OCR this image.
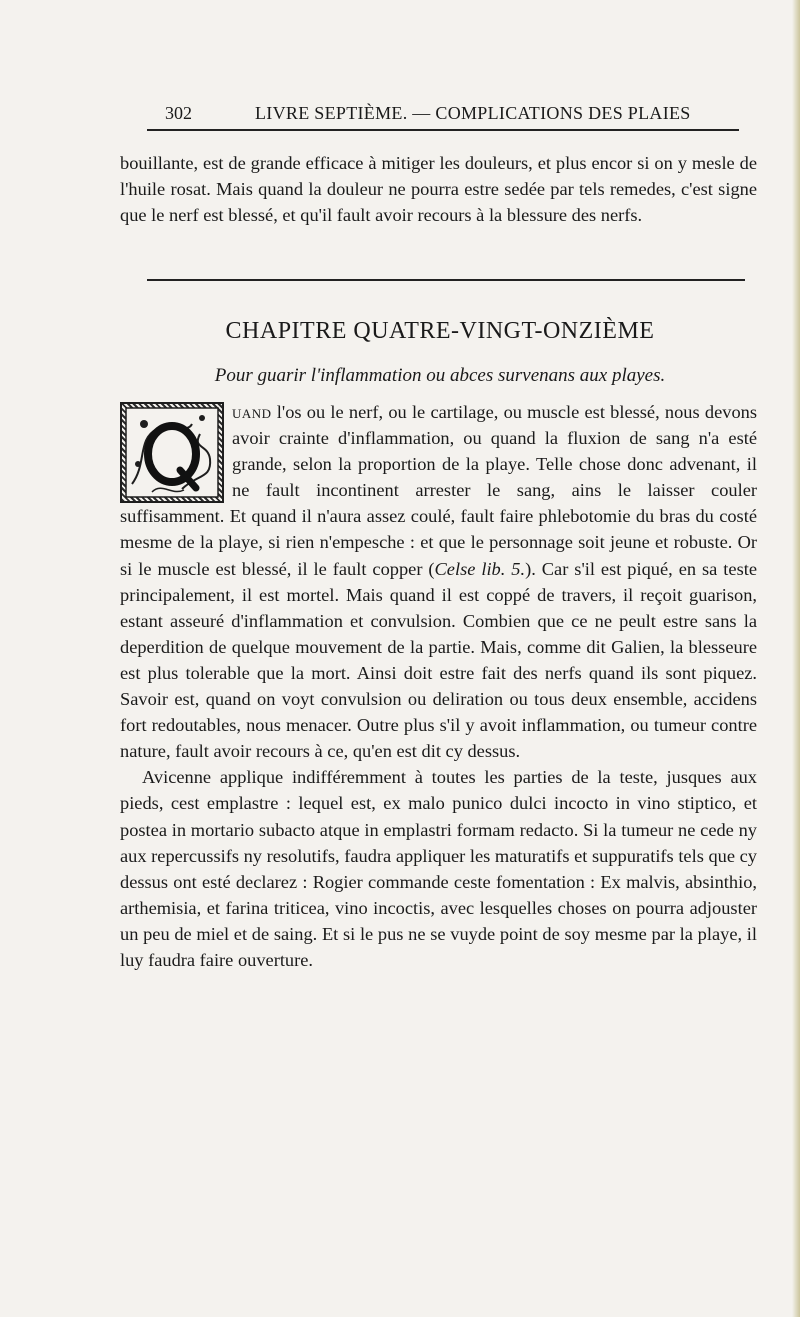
302	LIVRE SEPTIÈME. — COMPLICATIONS DES PLAIES

bouillante, est de grande efficace à mitiger les douleurs, et plus encor si on y mesle de l'huile rosat. Mais quand la douleur ne pourra estre sedée par tels remedes, c'est signe que le nerf est blessé, et qu'il fault avoir recours à la blessure des nerfs.

CHAPITRE QUATRE-VINGT-ONZIÈME
Pour guarir l'inflammation ou abces survenans aux playes.

uand l'os ou le nerf, ou le cartilage, ou muscle est blessé, nous devons avoir crainte d'inflammation, ou quand la fluxion de sang n'a esté grande, selon la proportion de la playe. Telle chose donc advenant, il ne fault incontinent arrester le sang, ains le laisser couler suffisamment. Et quand il n'aura assez coulé, fault faire phlebotomie du bras du costé mesme de la playe, si rien n'empesche : et que le personnage soit jeune et robuste. Or si le muscle est blessé, il le fault copper (Celse lib. 5.). Car s'il est piqué, en sa teste principalement, il est mortel. Mais quand il est coppé de travers, il reçoit guarison, estant asseuré d'inflammation et convulsion. Combien que ce ne peult estre sans la deperdition de quelque mouvement de la partie. Mais, comme dit Galien, la blesseure est plus tolerable que la mort. Ainsi doit estre fait des nerfs quand ils sont piquez. Savoir est, quand on voyt convulsion ou deliration ou tous deux ensemble, accidens fort redoutables, nous menacer. Outre plus s'il y avoit inflammation, ou tumeur contre nature, fault avoir recours à ce, qu'en est dit cy dessus.

Avicenne applique indifféremment à toutes les parties de la teste, jusques aux pieds, cest emplastre : lequel est, ex malo punico dulci incocto in vino stiptico, et postea in mortario subacto atque in emplastri formam redacto. Si la tumeur ne cede ny aux repercussifs ny resolutifs, faudra appliquer les maturatifs et suppuratifs tels que cy dessus ont esté declarez : Rogier commande ceste fomentation : Ex malvis, absinthio, arthemisia, et farina triticea, vino incoctis, avec lesquelles choses on pourra adjouster un peu de miel et de saing. Et si le pus ne se vuyde point de soy mesme par la playe, il luy faudra faire ouverture.
